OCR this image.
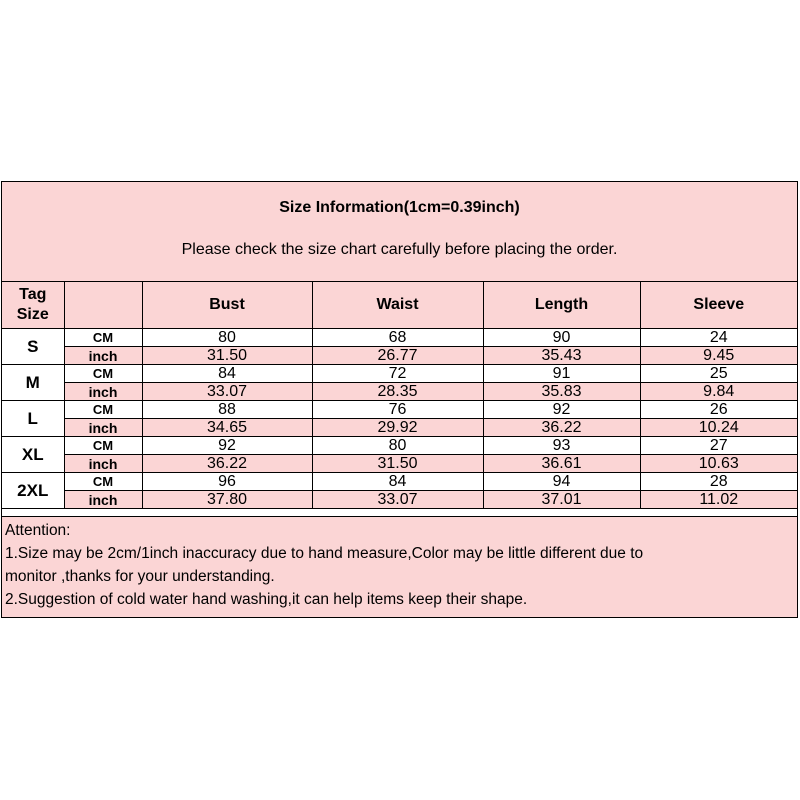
Size Information(1cm=0.39inch)
Please check the size chart carefully before placing the order.
Tag
Size		Bust	Waist	Length	Sleeve
S	CM	80	68	90	24
	inch	31.50	26.77	35.43	9.45
M	CM	84	72	91	25
	inch	33.07	28.35	35.83	9.84
L	CM	88	76	92	26
	inch	34.65	29.92	36.22	10.24
XL	CM	92	80	93	27
	inch	36.22	31.50	36.61	10.63
2XL	CM	96	84	94	28
	inch	37.80	33.07	37.01	11.02
Attention:
1.Size may be 2cm/1inch inaccuracy due to hand measure,Color may be little different due to
monitor ,thanks for your understanding.
2.Suggestion of cold water hand washing,it can help items keep their shape.
